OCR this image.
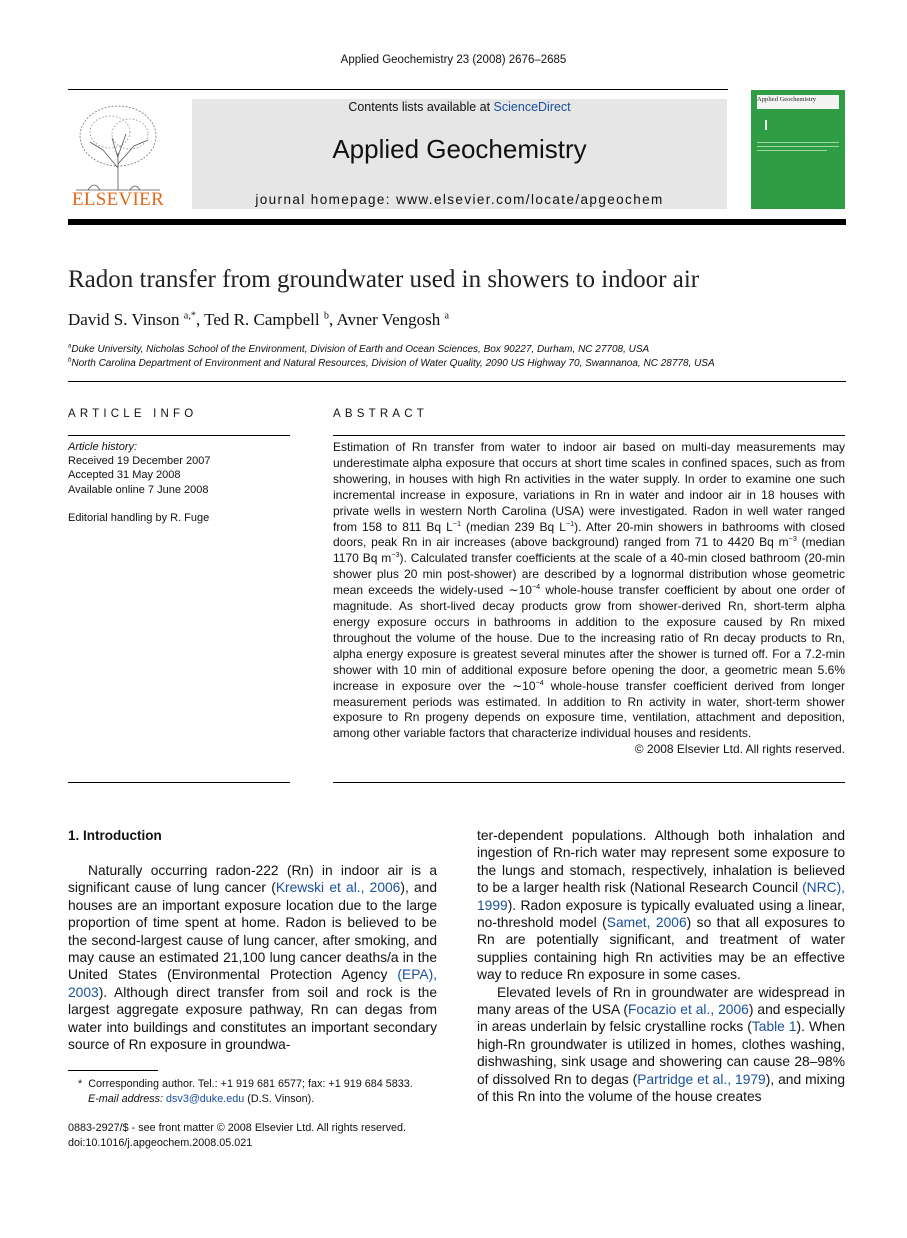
Applied Geochemistry 23 (2008) 2676–2685
ELSEVIER
Contents lists available at ScienceDirect
Applied Geochemistry
journal homepage: www.elsevier.com/locate/apgeochem
Applied Geochemistry
Radon transfer from groundwater used in showers to indoor air
David S. Vinson $^{a,*}$, Ted R. Campbell $^b$, Avner Vengosh $^a$
$^a$Duke University, Nicholas School of the Environment, Division of Earth and Ocean Sciences, Box 90227, Durham, NC 27708, USA
$^b$North Carolina Department of Environment and Natural Resources, Division of Water Quality, 2090 US Highway 70, Swannanoa, NC 28778, USA
ARTICLE INFO
Article history:
Received 19 December 2007
Accepted 31 May 2008
Available online 7 June 2008
Editorial handling by R. Fuge
ABSTRACT

Estimation of Rn transfer from water to indoor air based on multi-day measurements may underestimate alpha exposure that occurs at short time scales in confined spaces, such as from showering, in houses with high Rn activities in the water supply. In order to examine one such incremental increase in exposure, variations in Rn in water and indoor air in 18 houses with private wells in western North Carolina (USA) were investigated. Radon in well water ranged from 158 to 811 Bq $L^{-1}$ (median 239 Bq $L^{-1}$). After 20-min showers in bathrooms with closed doors, peak Rn in air increases (above background) ranged from 71 to 4420 Bq $m^{-3}$ (median 1170 Bq $m^{-3}$). Calculated transfer coefficients at the scale of a 40-min closed bathroom (20-min shower plus 20 min post-shower) are described by a lognormal distribution whose geometric mean exceeds the widely-used $\sim 10^{-4}$ whole-house transfer coefficient by about one order of magnitude. As short-lived decay products grow from shower-derived Rn, short-term alpha energy exposure occurs in bathrooms in addition to the exposure caused by Rn mixed throughout the volume of the house. Due to the increasing ratio of Rn decay products to Rn, alpha energy exposure is greatest several minutes after the shower is turned off. For a 7.2-min shower with 10 min of additional exposure before opening the door, a geometric mean 5.6% increase in exposure over the $\sim 10^{-4}$ whole-house transfer coefficient derived from longer measurement periods was estimated. In addition to Rn activity in water, short-term shower exposure to Rn progeny depends on exposure time, ventilation, attachment and deposition, among other variable factors that characterize individual houses and residents.

© 2008 Elsevier Ltd. All rights reserved.

1. Introduction

Naturally occurring radon-222 (Rn) in indoor air is a significant cause of lung cancer (Krewski et al., 2006), and houses are an important exposure location due to the large proportion of time spent at home. Radon is believed to be the second-largest cause of lung cancer, after smoking, and may cause an estimated 21,100 lung cancer deaths/a in the United States (Environmental Protection Agency (EPA), 2003). Although direct transfer from soil and rock is the largest aggregate exposure pathway, Rn can degas from water into buildings and constitutes an important secondary source of Rn exposure in groundwa-

ter-dependent populations. Although both inhalation and ingestion of Rn-rich water may represent some exposure to the lungs and stomach, respectively, inhalation is believed to be a larger health risk (National Research Council (NRC), 1999). Radon exposure is typically evaluated using a linear, no-threshold model (Samet, 2006) so that all exposures to Rn are potentially significant, and treatment of water supplies containing high Rn activities may be an effective way to reduce Rn exposure in some cases.

Elevated levels of Rn in groundwater are widespread in many areas of the USA (Focazio et al., 2006) and especially in areas underlain by felsic crystalline rocks (Table 1). When high-Rn groundwater is utilized in homes, clothes washing, dishwashing, sink usage and showering can cause 28–98% of dissolved Rn to degas (Partridge et al., 1979), and mixing of this Rn into the volume of the house creates

* Corresponding author. Tel.: +1 919 681 6577; fax: +1 919 684 5833.
E-mail address: dsv3@duke.edu (D.S. Vinson).
0883-2927/$ - see front matter © 2008 Elsevier Ltd. All rights reserved.
doi:10.1016/j.apgeochem.2008.05.021
